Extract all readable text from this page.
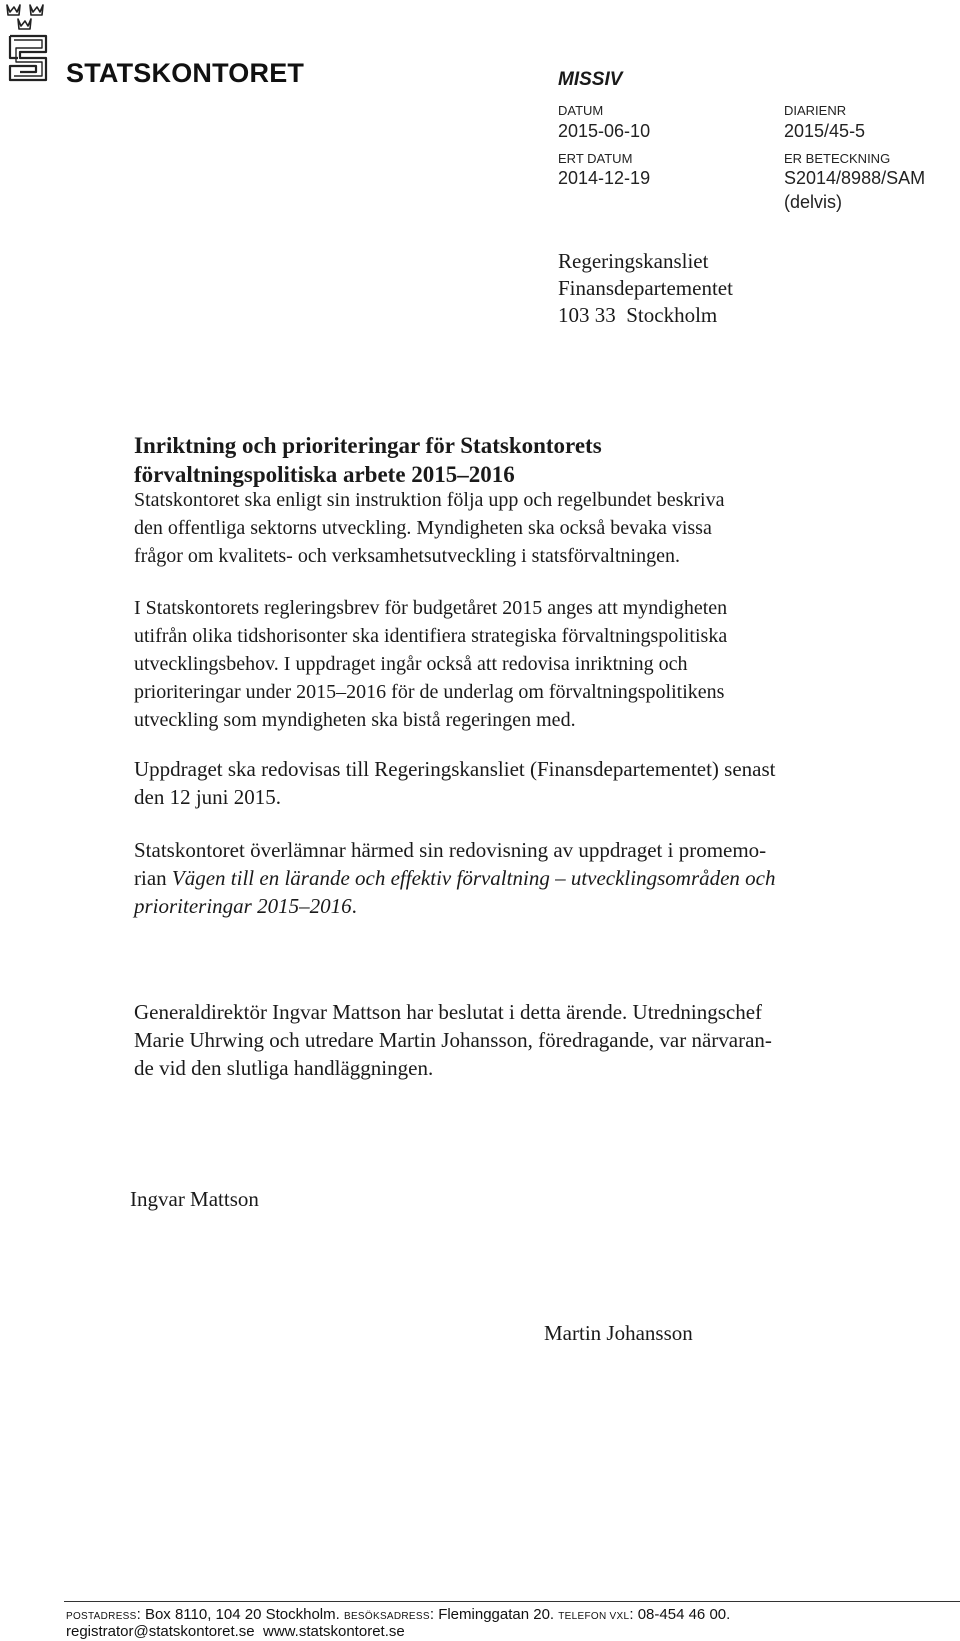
STATSKONTORET	MISSIV
DATUM
2015-06-10
ERT DATUM
2014-12-19
DIARIENR
2015/45-5
ER BETECKNING
S2014/8988/SAM
(delvis)
Regeringskansliet
Finansdepartementet
103 33  Stockholm
Inriktning och prioriteringar för Statskontorets
förvaltningspolitiska arbete 2015–2016

Statskontoret ska enligt sin instruktion följa upp och regelbundet beskriva

den offentliga sektorns utveckling. Myndigheten ska också bevaka vissa

frågor om kvalitets- och verksamhetsutveckling i statsförvaltningen.

I Statskontorets regleringsbrev för budgetåret 2015 anges att myndigheten

utifrån olika tidshorisonter ska identifiera strategiska förvaltningspolitiska

utvecklingsbehov. I uppdraget ingår också att redovisa inriktning och

prioriteringar under 2015–2016 för de underlag om förvaltningspolitikens

utveckling som myndigheten ska bistå regeringen med.

Uppdraget ska redovisas till Regeringskansliet (Finansdepartementet) senast

den 12 juni 2015.

Statskontoret överlämnar härmed sin redovisning av uppdraget i promemo-

rian Vägen till en lärande och effektiv förvaltning – utvecklingsområden och

prioriteringar 2015–2016.

Generaldirektör Ingvar Mattson har beslutat i detta ärende. Utredningschef

Marie Uhrwing och utredare Martin Johansson, föredragande, var närvaran-

de vid den slutliga handläggningen.

Ingvar Mattson
Martin Johansson
POSTADRESS: Box 8110, 104 20 Stockholm. BESÖKSADRESS: Fleminggatan 20. TELEFON VXL: 08-454 46 00.
registrator@statskontoret.se www.statskontoret.se
